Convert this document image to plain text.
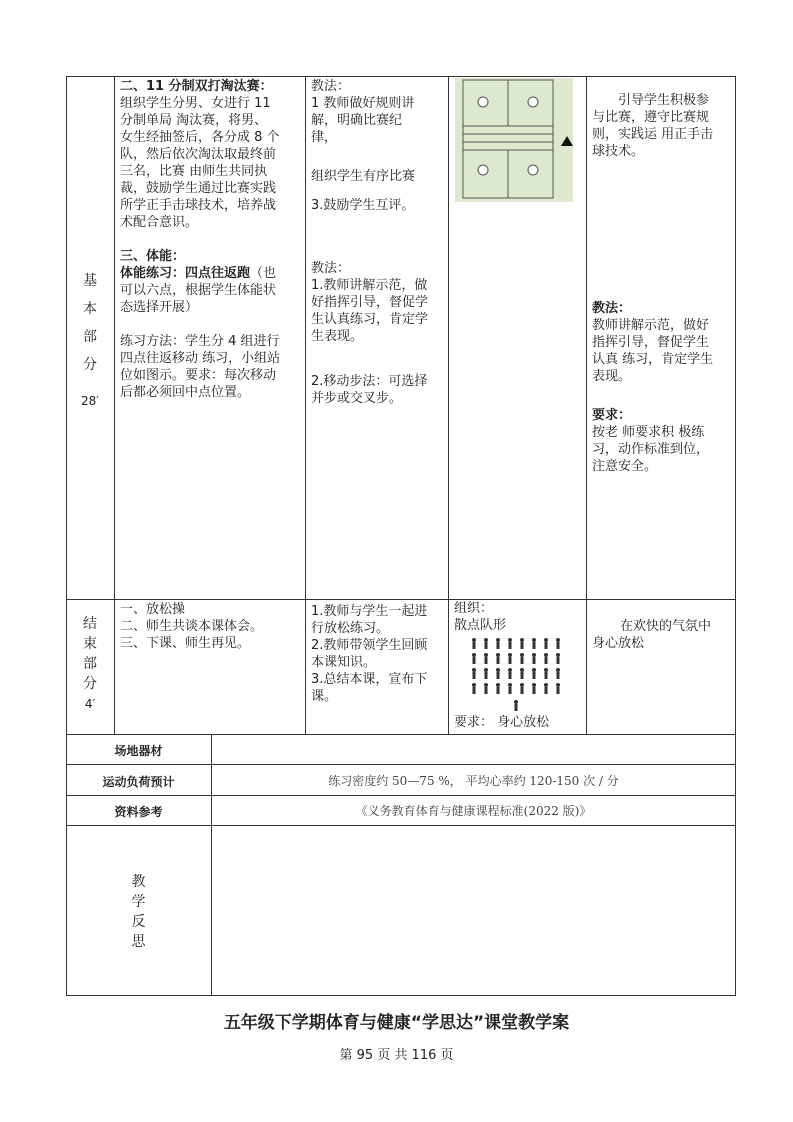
基
本
部
分
28′
二、11 分制双打淘汰赛：
组织学生分男、女进行 11
分制单局 淘汰赛，将男、
女生经抽签后，各分成 8 个
队，然后依次淘汰取最终前
三名，比赛 由师生共同执
裁，鼓励学生通过比赛实践
所学正手击球技术，培养战
术配合意识。
三、体能：
体能练习：四点往返跑（也
可以六点，根据学生体能状
态选择开展）
练习方法：学生分 4 组进行
四点往返移动 练习，小组站
位如图示。要求：每次移动
后都必须回中点位置。
教法：
1 教师做好规则讲
解，明确比赛纪
律，
组织学生有序比赛
3.鼓励学生互评。
教法：
1.教师讲解示范，做
好指挥引导，督促学
生认真练习，肯定学
生表现。
2.移动步法：可选择
并步或交叉步。
引导学生积极参
与比赛，遵守比赛规
则，实践运 用正手击
球技术。
教法：
教师讲解示范，做好
指挥引导，督促学生
认真 练习，肯定学生
表现。
要求：
按老 师要求积 极练
习，动作标准到位，
注意安全。
结
束
部
分
4′
一、放松操
二、师生共谈本课体会。
三、下课、师生再见。
1.教师与学生一起进
行放松练习。
2.教师带领学生回顾
本课知识。
3.总结本课，宣布下
课。
组织：
散点队形
要求： 身心放松
在欢快的气氛中
身心放松
场地器材
运动负荷预计	练习密度约 50—75 %， 平均心率约 120-150 次 / 分
资料参考	《义务教育体育与健康课程标准(2022 版)》
教
学
反
思
五年级下学期体育与健康“学思达”课堂教学案
第 95 页 共 116 页
